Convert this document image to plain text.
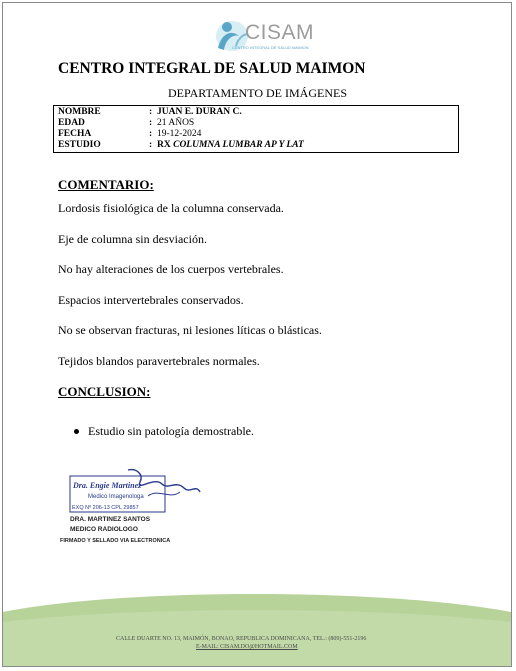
CISAM
CENTRO INTEGRAL DE SALUD MAIMON
CENTRO INTEGRAL DE SALUD MAIMON
DEPARTAMENTO DE IMÁGENES
NOMBRE	: JUAN E. DURAN C.
EDAD	: 21 AÑOS
FECHA	: 19-12-2024
ESTUDIO	: RX COLUMNA LUMBAR AP Y LAT
COMENTARIO:
Lordosis fisiológica de la columna conservada.
Eje de columna sin desviación.
No hay alteraciones de los cuerpos vertebrales.
Espacios intervertebrales conservados.
No se observan fracturas, ni lesiones líticas o blásticas.
Tejidos blandos paravertebrales normales.
CONCLUSION:
Estudio sin patología demostrable.
Dra. Engie Martinez
Medico Imagenologa
EXQ Nº 206-13 CPL 29857
DRA. MARTINEZ SANTOS
MEDICO RADIOLOGO
FIRMADO Y SELLADO VIA ELECTRONICA
CALLE DUARTE NO. 13, MAIMÓN, BONAO, REPUBLICA DOMINICANA, TEL.: (809)-551-2196
E-MAIL: CISAM.DO@HOTMAIL.COM
